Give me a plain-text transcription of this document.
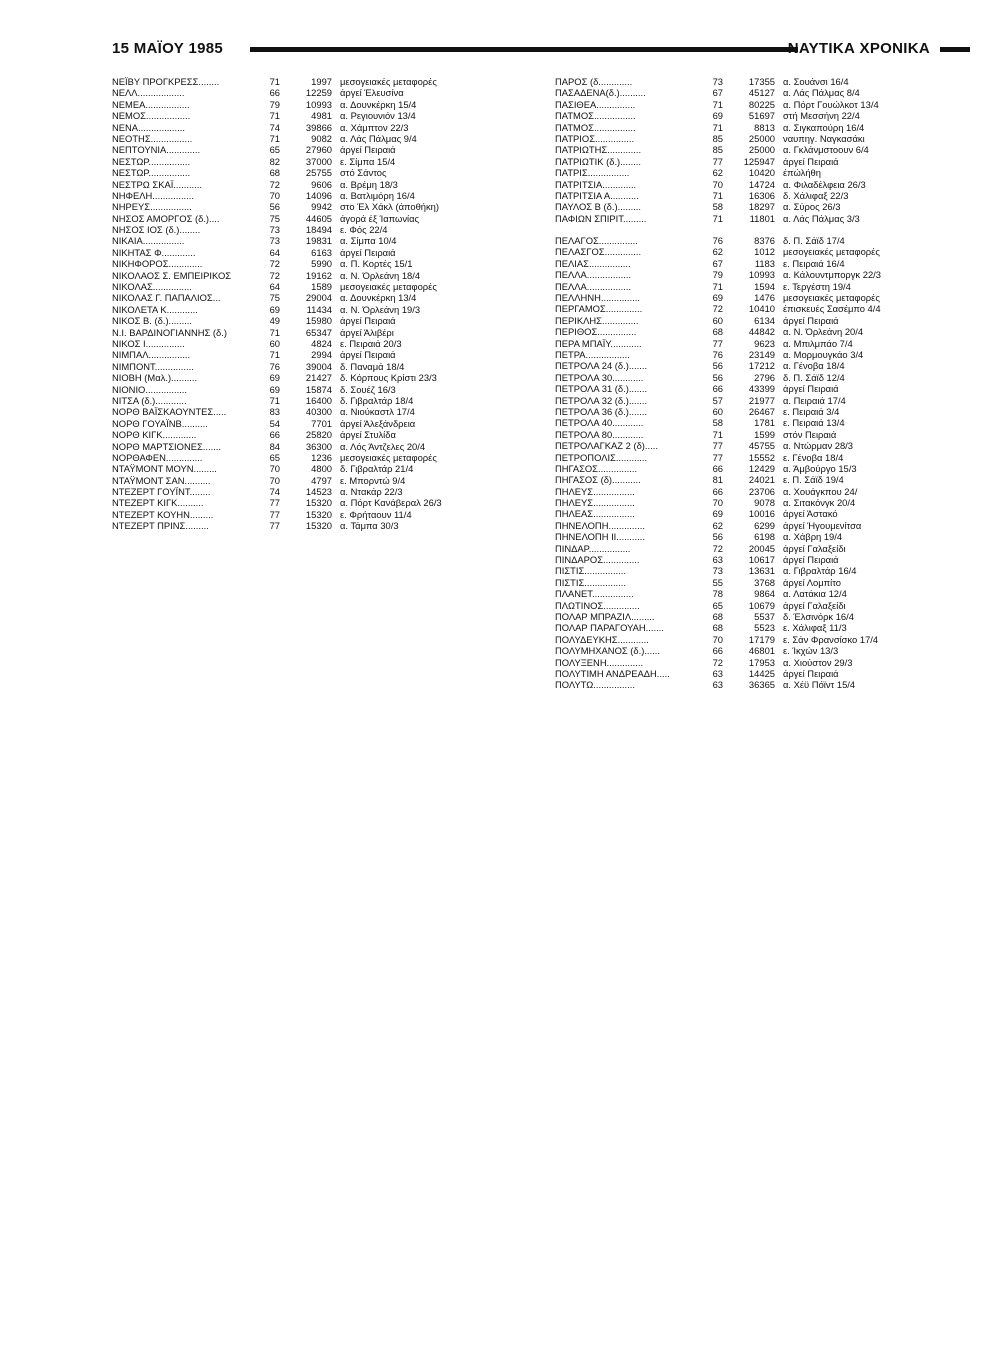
15 ΜΑΪΟΥ 1985	ΝΑΥΤΙΚΑ ΧΡΟΝΙΚΑ
ΝΕΪΒΥ ΠΡΟΓΚΡΕΣΣ........	71	1997 μεσογειακές μεταφορές
ΝΕΛΛ..................	66	12259 άργεί Έλευσίνα
ΝΕΜΕΑ.................	79	10993 α. Δουνκέρκη 15/4
ΝΕΜΟΣ.................	71	4981 α. Ρεγιουνιόν 13/4
ΝΕΝΑ..................	74	39866 α. Χάμπτον 22/3
ΝΕΟΤΗΣ................	71	9082 α. Λάς Πάλμας 9/4
ΝΕΠΤΟΥΝΙΑ.............	65	27960 άργεί Πειραιά
ΝΕΣΤΩΡ................	82	37000 ε. Σίμπα 15/4
ΝΕΣΤΩΡ................	68	25755 στό Σάντος
ΝΕΣΤΡΩ ΣΚΑΪ...........	72	9606 α. Βρέμη 18/3
ΝΗΦΕΛΗ................	70	14096 α. Βατλιμόρη 16/4
ΝΗΡΕΥΣ................	56	9942 στο Έλ Χάκλ (άποθήκη)
ΝΗΣΟΣ ΑΜΟΡΓΟΣ (δ.)....	75	44605 άγορά έξ Ίαπωνίας
ΝΗΣΟΣ ΙΟΣ (δ.)........	73	18494 ε. Φός 22/4
ΝΙΚΑΙΑ................	73	19831 α. Σίμπα 10/4
ΝΙΚΗΤΑΣ Φ.............	64	6163 άργεί Πειραιά
ΝΙΚΗΦΟΡΟΣ.............	72	5990 α. Π. Κορτές 15/1
ΝΙΚΟΛΑΟΣ Σ. ΕΜΠΕΙΡΙΚΟΣ	72	19162 α. Ν. Όρλεάνη 18/4
ΝΙΚΟΛΑΣ...............	64	1589 μεσογειακές μεταφορές
ΝΙΚΟΛΑΣ Γ. ΠΑΠΑΛΙΟΣ...	75	29004 α. Δουνκέρκη 13/4
ΝΙΚΟΛΕΤΑ Κ............	69	11434 α. Ν. Όρλεάνη 19/3
ΝΙΚΟΣ Β. (δ.).........	49	15980 άργεί Πειραιά
Ν.Ι. ΒΑΡΔΙΝΟΓΙΑΝΝΗΣ (δ.)	71	65347 άργεί Άλιβέρι
ΝΙΚΟΣ Ι...............	60	4824 ε. Πειραιά 20/3
ΝΙΜΠΑΛ................	71	2994 άργεί Πειραιά
ΝΙΜΠΟΝΤ...............	76	39004 δ. Παναμά 18/4
ΝΙΟΒΗ (Μαλ.)..........	69	21427 δ. Κόρπους Κρίστι 23/3
ΝΙΟΝΙΟ................	69	15874 δ. Σουέζ 16/3
ΝΙΤΣΑ (δ.)............	71	16400 δ. Γιβραλτάρ 18/4
ΝΟΡΘ ΒΑΪΣΚΑΟΥΝΤΕΣ.....	83	40300 α. Νιούκαστλ 17/4
ΝΟΡΘ ΓΟΥΑΪΝΒ..........	54	7701 άργεί Άλεξάνδρεια
ΝΟΡΘ ΚΙΓΚ.............	66	25820 άργεί Στυλίδα
ΝΟΡΘ ΜΑΡΤΣΙΟΝΕΣ.......	84	36300 α. Λός Άντζελες 20/4
ΝΟΡΘΑΦΕΝ..............	65	1236 μεσογειακές μεταφορές
ΝΤΑΫΜΟΝΤ ΜΟΥΝ.........	70	4800 δ. Γιβραλτάρ 21/4
ΝΤΑΫΜΟΝΤ ΣΑΝ..........	70	4797 ε. Μπορντώ 9/4
ΝΤΕΖΕΡΤ ΓΟΥΪΝΤ........	74	14523 α. Ντακάρ 22/3
ΝΤΕΖΕΡΤ ΚΙΓΚ..........	77	15320 α. Πόρτ Κανάβεραλ 26/3
ΝΤΕΖΕΡΤ ΚΟΥΗΝ.........	77	15320 ε. Φρήταουν 11/4
ΝΤΕΖΕΡΤ ΠΡΙΝΣ.........	77	15320 α. Τάμπα 30/3
ΠΑΡΟΣ (δ.............	73	17355 α. Σουάνσι 16/4
ΠΑΣΑΔΕΝΑ(δ.)..........	67	45127 α. Λάς Πάλμας 8/4
ΠΑΣΙΘΕΑ...............	71	80225 α. Πόρτ Γουώλκοτ 13/4
ΠΑΤΜΟΣ................	69	51697 στή Μεσσήνη 22/4
ΠΑΤΜΟΣ................	71	8813 α. Σιγκαπούρη 16/4
ΠΑΤΡΙΟΣ...............	85	25000 ναυπηγ. Ναγκασάκι
ΠΑΤΡΙΩΤΗΣ.............	85	25000 α. Γκλάνμστοουν 6/4
ΠΑΤΡΙΩΤΙΚ (δ.)........	77	125947 άργεί Πειραιά
ΠΑΤΡΙΣ................	62	10420 έπώλήθη
ΠΑΤΡΙΤΣΙΑ.............	70	14724 α. Φιλαδέλφεια 26/3
ΠΑΤΡΙΤΣΙΑ Α...........	71	16306 δ. Χάλιφαξ 22/3
ΠΑΥΛΟΣ Β (δ.).........	58	18297 α. Σύρος 26/3
ΠΑΦΙΩΝ ΣΠΙΡΙΤ.........	71	11801 α. Λάς Πάλμας 3/3
ΠΕΛΑΓΟΣ...............	76	8376 δ. Π. Σάϊδ 17/4
ΠΕΛΑΣΓΟΣ..............	62	1012 μεσογειακές μεταφορές
ΠΕΛΙΑΣ................	67	1183 ε. Πειραιά 16/4
ΠΕΛΛΑ.................	79	10993 α. Κάλουντμποργκ 22/3
ΠΕΛΛΑ.................	71	1594 ε. Τεργέστη 19/4
ΠΕΛΛΗΝΗ...............	69	1476 μεσογειακές μεταφορές
ΠΕΡΓΑΜΟΣ..............	72	10410 έπισκευές Σασέμπο 4/4
ΠΕΡΙΚΛΗΣ..............	60	6134 άργεί Πειραιά
ΠΕΡΙΘΟΣ...............	68	44842 α. Ν. Όρλεάνη 20/4
ΠΕΡΑ ΜΠΑΪΥ............	77	9623 α. Μπιλμπάο 7/4
ΠΕΤΡΑ.................	76	23149 α. Μορμουγκάο 3/4
ΠΕΤΡΟΛΑ 24 (δ.).......	56	17212 α. Γένοβα 18/4
ΠΕΤΡΟΛΑ 30............	56	2796 δ. Π. Σάϊδ 12/4
ΠΕΤΡΟΛΑ 31 (δ.).......	66	43399 άργεί Πειραιά
ΠΕΤΡΟΛΑ 32 (δ.).......	57	21977 α. Πειραιά 17/4
ΠΕΤΡΟΛΑ 36 (δ.).......	60	26467 ε. Πειραιά 3/4
ΠΕΤΡΟΛΑ 40............	58	1781 ε. Πειραιά 13/4
ΠΕΤΡΟΛΑ 80............	71	1599 στόν Πειραιά
ΠΕΤΡΟΛΑΓΚΑΖ 2 (δ).....	77	45755 α. Ντώρμαν 28/3
ΠΕΤΡΟΠΟΛΙΣ............	77	15552 ε. Γένοβα 18/4
ΠΗΓΑΣΟΣ...............	66	12429 α. Άμβούργο 15/3
ΠΗΓΑΣΟΣ (δ)...........	81	24021 ε. Π. Σάϊδ 19/4
ΠΗΛΕΥΣ................	66	23706 α. Χουάγκπου 24/
ΠΗΛΕΥΣ................	70	9078 α. Σιτακόνγκ 20/4
ΠΗΛΕΑΣ................	69	10016 άργεί Άστακό
ΠΗΝΕΛΟΠΗ..............	62	6299 άργεί Ήγουμενίτσα
ΠΗΝΕΛΟΠΗ ΙΙ...........	56	6198 α. Χάβρη 19/4
ΠΙΝΔΑΡ................	72	20045 άργεί Γαλαξείδι
ΠΙΝΔΑΡΟΣ..............	63	10617 άργεί Πειραιά
ΠΙΣΤΙΣ................	73	13631 α. Γιβραλτάρ 16/4
ΠΙΣΤΙΣ................	55	3768 άργεί Λομπίτο
ΠΛΑΝΕΤ................	78	9864 α. Λατάκια 12/4
ΠΛΩΤΙΝΟΣ..............	65	10679 άργεί Γαλαξείδι
ΠΟΛΑΡ ΜΠΡΑΖΙΛ.........	68	5537 δ. Έλσινόρκ 16/4
ΠΟΛΑΡ ΠΑΡΑΓΟΥΑΗ.......	68	5523 ε. Χάλιφαξ 11/3
ΠΟΛΥΔΕΥΚΗΣ............	70	17179 ε. Σάν Φρανσίσκο 17/4
ΠΟΛΥΜΗΧΑΝΟΣ (δ.)......	66	46801 ε. Ίκχών 13/3
ΠΟΛΥΞΕΝΗ..............	72	17953 α. Χιούστον 29/3
ΠΟΛΥΤΙΜΗ ΑΝΔΡΕΑΔΗ.....	63	14425 άργεί Πειραιά
ΠΟΛΥΤΩ................	63	36365 α. Χέϋ Πόϊντ 15/4
